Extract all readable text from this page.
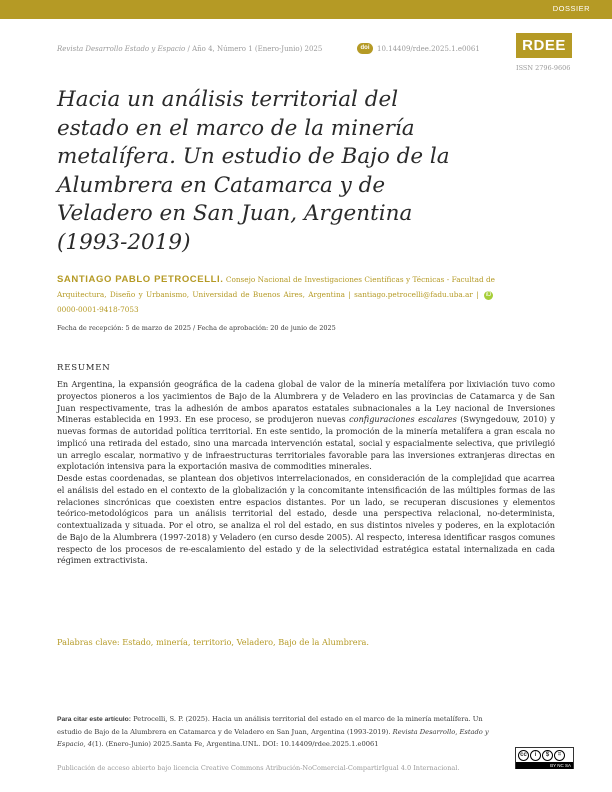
DOSSIER
Revista Desarrollo Estado y Espacio / Año 4, Número 1 (Enero-Junio) 2025	doi	10.14409/rdee.2025.1.e0061	RDEE
ISSN 2796-9606
Hacia un análisis territorial del estado en el marco de la minería metalífera. Un estudio de Bajo de la Alumbrera en Catamarca y de Veladero en San Juan, Argentina (1993-2019)
SANTIAGO PABLO PETROCELLI. Consejo Nacional de Investigaciones Científicas y Técnicas - Facultad de Arquitectura, Diseño y Urbanismo, Universidad de Buenos Aires, Argentina | santiago.petrocelli@fadu.uba.ar | iD0000-0001-9418-7053
Fecha de recepción: 5 de marzo de 2025 / Fecha de aprobación: 20 de junio de 2025
RESUMEN

En Argentina, la expansión geográfica de la cadena global de valor de la minería metalífera por lixiviación tuvo como proyectos pioneros a los yacimientos de Bajo de la Alumbrera y de Veladero en las provincias de Catamarca y de San Juan respectivamente, tras la adhesión de ambos aparatos estatales subnacionales a la Ley nacional de Inversiones Mineras establecida en 1993. En ese proceso, se produjeron nuevas configuraciones escalares (Swyngedouw, 2010) y nuevas formas de autoridad política territorial. En este sentido, la promoción de la minería metalífera a gran escala no implicó una retirada del estado, sino una marcada intervención estatal, social y espacialmente selectiva, que privilegió un arreglo escalar, normativo y de infraestructuras territoriales favorable para las inversiones extranjeras directas en explotación intensiva para la exportación masiva de commodities minerales.

Desde estas coordenadas, se plantean dos objetivos interrelacionados, en consideración de la complejidad que acarrea el análisis del estado en el contexto de la globalización y la concomitante intensificación de las múltiples formas de las relaciones sincrónicas que coexisten entre espacios distantes. Por un lado, se recuperan discusiones y elementos teórico-metodológicos para un análisis territorial del estado, desde una perspectiva relacional, no-determinista, contextualizada y situada. Por el otro, se analiza el rol del estado, en sus distintos niveles y poderes, en la explotación de Bajo de la Alumbrera (1997-2018) y Veladero (en curso desde 2005). Al respecto, interesa identificar rasgos comunes respecto de los procesos de re-escalamiento del estado y de la selectividad estratégica estatal internalizada en cada régimen extractivista.

Palabras clave: Estado, minería, territorio, Veladero, Bajo de la Alumbrera.
Para citar este artículo: Petrocelli, S. P. (2025). Hacia un análisis territorial del estado en el marco de la minería metalífera. Un estudio de Bajo de la Alumbrera en Catamarca y de Veladero en San Juan, Argentina (1993-2019). Revista Desarrollo, Estado y Espacio, 4(1). (Enero-Junio) 2025.Santa Fe, Argentina.UNL. DOI: 10.14409/rdee.2025.1.e0061
cc i $ =
BY NC SA
Publicación de acceso abierto bajo licencia Creative Commons Atribución-NoComercial-CompartirIgual 4.0 Internacional.
